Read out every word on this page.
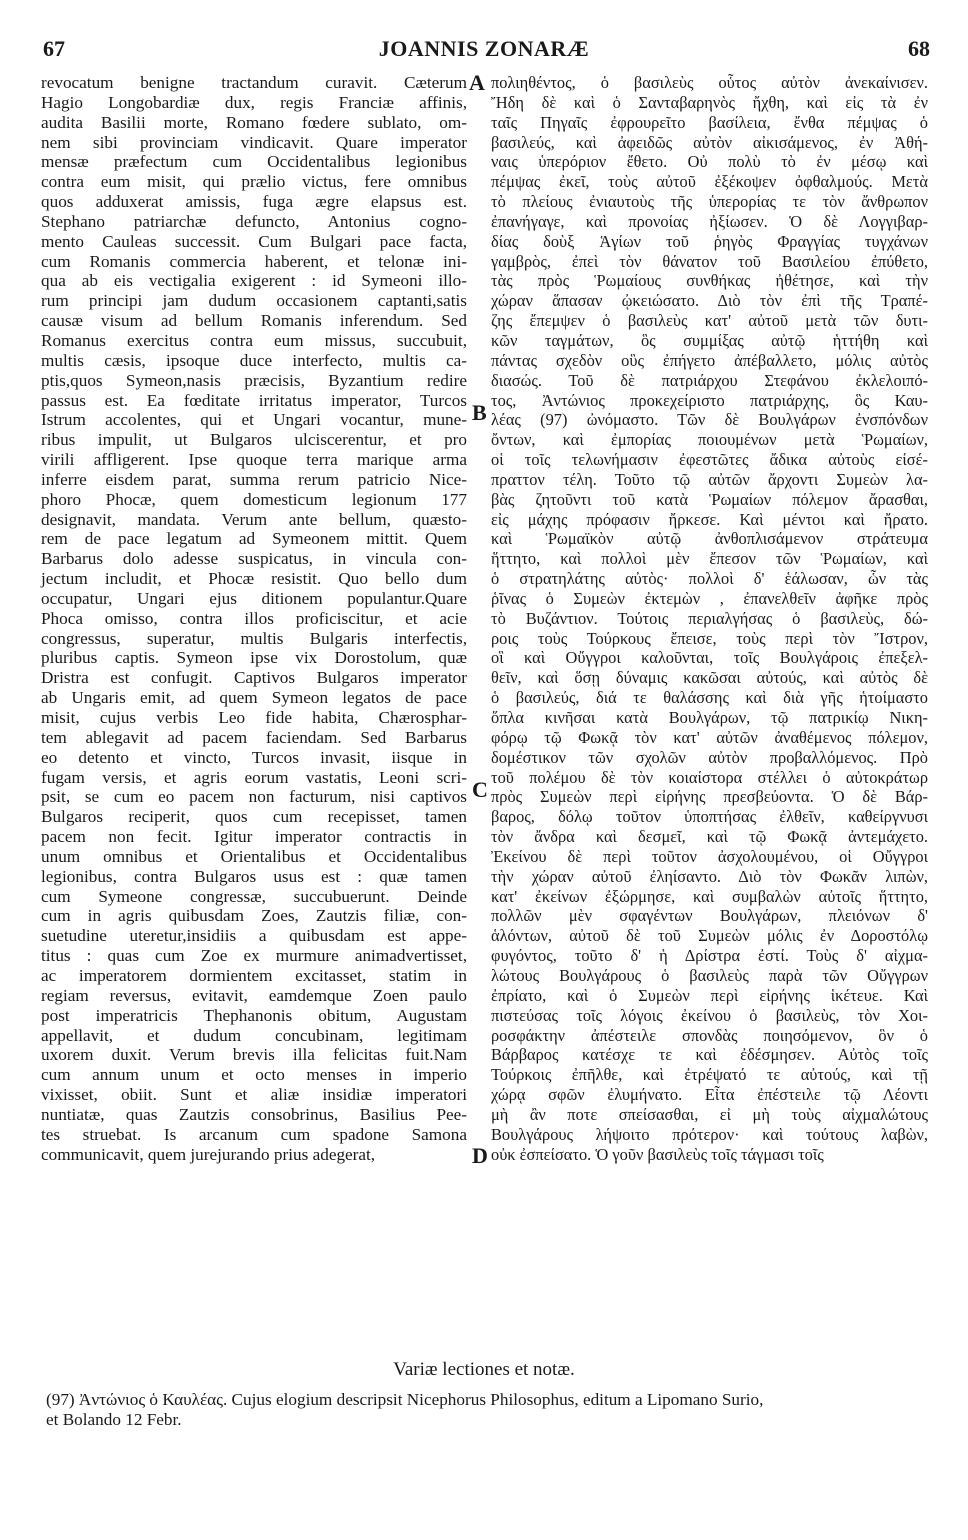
67	JOANNIS ZONARÆ	68
revocatum benigne tractandum curavit. Cæterum
Hagio Longobardiæ dux, regis Franciæ affinis,
audita Basilii morte, Romano fœdere sublato, om-
nem sibi provinciam vindicavit. Quare imperator
mensæ præfectum cum Occidentalibus legionibus
contra eum misit, qui prælio victus, fere omnibus
quos adduxerat amissis, fuga ægre elapsus est.
Stephano patriarchæ defuncto, Antonius cogno-
mento Cauleas successit. Cum Bulgari pace facta,
cum Romanis commercia haberent, et telonæ ini-
qua ab eis vectigalia exigerent : id Symeoni illo-
rum principi jam dudum occasionem captanti,satis
causæ visum ad bellum Romanis inferendum. Sed
Romanus exercitus contra eum missus, succubuit,
multis cæsis, ipsoque duce interfecto, multis ca-
ptis,quos Symeon,nasis præcisis, Byzantium redire
passus est. Ea fœditate irritatus imperator, Turcos
Istrum accolentes, qui et Ungari vocantur, mune-
ribus impulit, ut Bulgaros ulciscerentur, et pro
virili affligerent. Ipse quoque terra marique arma
inferre eisdem parat, summa rerum patricio Nice-
phoro Phocæ, quem domesticum legionum 177
designavit, mandata. Verum ante bellum, quæsto-
rem de pace legatum ad Symeonem mittit. Quem
Barbarus dolo adesse suspicatus, in vincula con-
jectum includit, et Phocæ resistit. Quo bello dum
occupatur, Ungari ejus ditionem populantur.Quare
Phoca omisso, contra illos proficiscitur, et acie
congressus, superatur, multis Bulgaris interfectis,
pluribus captis. Symeon ipse vix Dorostolum, quæ
Dristra est confugit. Captivos Bulgaros imperator
ab Ungaris emit, ad quem Symeon legatos de pace
misit, cujus verbis Leo fide habita, Chærosphar-
tem ablegavit ad pacem faciendam. Sed Barbarus
eo detento et vincto, Turcos invasit, iisque in
fugam versis, et agris eorum vastatis, Leoni scri-
psit, se cum eo pacem non facturum, nisi captivos
Bulgaros reciperit, quos cum recepisset, tamen
pacem non fecit. Igitur imperator contractis in
unum omnibus et Orientalibus et Occidentalibus
legionibus, contra Bulgaros usus est : quæ tamen
cum Symeone congressæ, succubuerunt. Deinde
cum in agris quibusdam Zoes, Zautzis filiæ, con-
suetudine uteretur,insidiis a quibusdam est appe-
titus : quas cum Zoe ex murmure animadvertisset,
ac imperatorem dormientem excitasset, statim in
regiam reversus, evitavit, eamdemque Zoen paulo
post imperatricis Thephanonis obitum, Augustam
appellavit, et dudum concubinam, legitimam
uxorem duxit. Verum brevis illa felicitas fuit.Nam
cum annum unum et octo menses in imperio
vixisset, obiit. Sunt et aliæ insidiæ imperatori
nuntiatæ, quas Zautzis consobrinus, Basilius Pee-
tes struebat. Is arcanum cum spadone Samona
communicavit, quem jurejurando prius adegerat,
πολιηθέντος, ὁ βασιλεὺς οὗτος αὐτὸν ἀνεκαίνισεν.
Ἤδη δὲ καὶ ὁ Σανταβαρηνὸς ἤχθη, καὶ εἰς τὰ ἐν
ταῖς Πηγαῖς ἐφρουρεῖτο βασίλεια, ἔνθα πέμψας ὁ
βασιλεύς, καὶ ἀφειδῶς αὐτὸν αἰκισάμενος, ἐν Ἀθή-
ναις ὑπερόριον ἔθετο. Οὐ πολὺ τὸ ἐν μέσῳ καὶ
πέμψας ἐκεῖ, τοὺς αὐτοῦ ἐξέκοψεν ὀφθαλμούς. Μετὰ
τὸ πλείους ἐνιαυτοὺς τῆς ὑπερορίας τε τὸν ἄνθρωπον
ἐπανήγαγε, καὶ προνοίας ἠξίωσεν. Ὁ δὲ Λογγιβαρ-
δίας δοὺξ Ἁγίων τοῦ ῥηγὸς Φραγγίας τυγχάνων
γαμβρὸς, ἐπεὶ τὸν θάνατον τοῦ Βασιλείου ἐπύθετο,
τὰς πρὸς Ῥωμαίους συνθήκας ἠθέτησε, καὶ τὴν
χώραν ἅπασαν ᾠκειώσατο. Διὸ τὸν ἐπὶ τῆς Τραπέ-
ζης ἔπεμψεν ὁ βασιλεὺς κατ' αὐτοῦ μετὰ τῶν δυτι-
κῶν ταγμάτων, ὃς συμμίξας αὐτῷ ἡττήθη καὶ
πάντας σχεδὸν οὓς ἐπήγετο ἀπέβαλλετο, μόλις αὐτὸς
διασώς. Τοῦ δὲ πατριάρχου Στεφάνου ἐκλελοιπό-
τος, Ἀντώνιος προκεχείριστο πατριάρχης, ὃς Καυ-
λέας (97) ὠνόμαστο. Τῶν δὲ Βουλγάρων ἐνσπόνδων
ὄντων, καὶ ἐμπορίας ποιουμένων μετὰ Ῥωμαίων,
οἱ τοῖς τελωνήμασιν ἐφεστῶτες ἄδικα αὐτοὺς εἰσέ-
πραττον τέλη. Τοῦτο τῷ αὐτῶν ἄρχοντι Συμεὼν λα-
βὰς ζητοῦντι τοῦ κατὰ Ῥωμαίων πόλεμον ἄρασθαι,
εἰς μάχης πρόφασιν ἤρκεσε. Καὶ μέντοι καὶ ἤρατο.
καὶ Ῥωμαϊκὸν αὐτῷ ἀνθοπλισάμενον στράτευμα
ἥττητο, καὶ πολλοὶ μὲν ἔπεσον τῶν Ῥωμαίων, καὶ
ὁ στρατηλάτης αὐτὸς· πολλοὶ δ' ἑάλωσαν, ὧν τὰς
ῥῖνας ὁ Συμεὼν ἐκτεμὼν , ἐπανελθεῖν ἀφῆκε πρὸς
τὸ Βυζάντιον. Τούτοις περιαλγήσας ὁ βασιλεὺς, δώ-
ροις τοὺς Τούρκους ἔπεισε, τοὺς περὶ τὸν Ἴστρον,
οἳ καὶ Οὔγγροι καλοῦνται, τοῖς Βουλγάροις ἐπεξελ-
θεῖν, καὶ ὅσῃ δύναμις κακῶσαι αὐτούς, καὶ αὐτὸς δὲ
ὁ βασιλεύς, διά τε θαλάσσης καὶ διὰ γῆς ἡτοίμαστο
ὅπλα κινῆσαι κατὰ Βουλγάρων, τῷ πατρικίῳ Νικη-
φόρῳ τῷ Φωκᾷ τὸν κατ' αὐτῶν ἀναθέμενος πόλεμον,
δομέστικον τῶν σχολῶν αὐτὸν προβαλλόμενος. Πρὸ
τοῦ πολέμου δὲ τὸν κοιαίστορα στέλλει ὁ αὐτοκράτωρ
πρὸς Συμεὼν περὶ εἰρήνης πρεσβεύοντα. Ὁ δὲ Βάρ-
βαρος, δόλῳ τοῦτον ὑποπτήσας ἐλθεῖν, καθείργνυσι
τὸν ἄνδρα καὶ δεσμεῖ, καὶ τῷ Φωκᾷ ἀντεμάχετο.
Ἐκείνου δὲ περὶ τοῦτον ἀσχολουμένου, οἱ Οὔγγροι
τὴν χώραν αὐτοῦ ἐληίσαντο. Διὸ τὸν Φωκᾶν λιπὼν,
κατ' ἐκείνων ἐξώρμησε, καὶ συμβαλὼν αὐτοῖς ἥττητο,
πολλῶν μὲν σφαγέντων Βουλγάρων, πλειόνων δ'
ἁλόντων, αὐτοῦ δὲ τοῦ Συμεὼν μόλις ἐν Δοροστόλῳ
φυγόντος, τοῦτο δ' ἡ Δρίστρα ἐστί. Τοὺς δ' αἰχμα-
λώτους Βουλγάρους ὁ βασιλεὺς παρὰ τῶν Οὔγγρων
ἐπρίατο, καὶ ὁ Συμεὼν περὶ εἰρήνης ἱκέτευε. Καὶ
πιστεύσας τοῖς λόγοις ἐκείνου ὁ βασιλεὺς, τὸν Χοι-
ροσφάκτην ἀπέστειλε σπονδὰς ποιησόμενον, ὃν ὁ
Βάρβαρος κατέσχε τε καὶ ἐδέσμησεν. Αὐτὸς τοῖς
Τούρκοις ἐπῆλθε, καὶ ἐτρέψατό τε αὐτούς, καὶ τῇ
χώρᾳ σφῶν ἐλυμήνατο. Εἶτα ἐπέστειλε τῷ Λέοντι
μὴ ἂν ποτε σπείσασθαι, εἰ μὴ τοὺς αἰχμαλώτους
Βουλγάρους λήψοιτο πρότερον· καὶ τούτους λαβὼν,
οὐκ ἐσπείσατο. Ὁ γοῦν βασιλεὺς τοῖς τάγμασι τοῖς
A
B
C
D
Variæ lectiones et notæ.
(97) Ἀντώνιος ὁ Καυλέας. Cujus elogium descripsit Nicephorus Philosophus, editum a Lipomano Surio,
et Bolando 12 Febr.
